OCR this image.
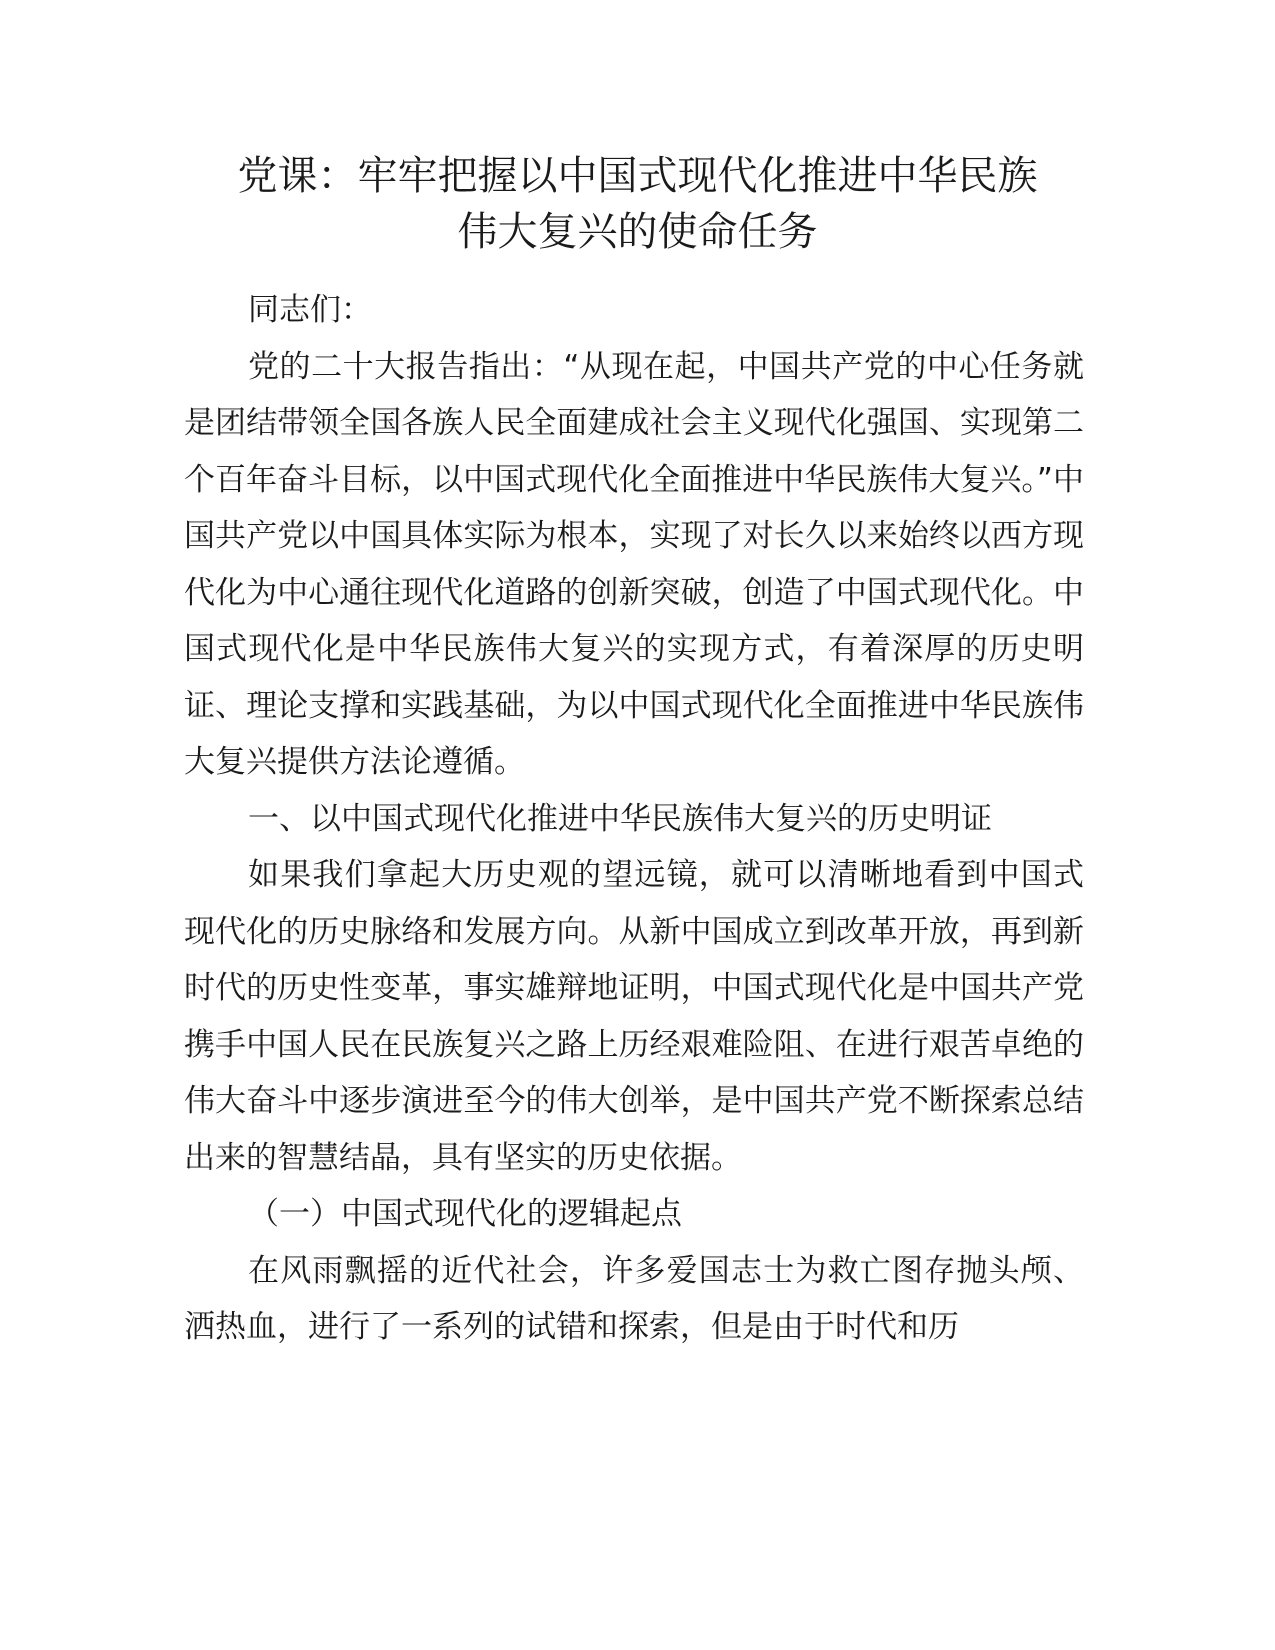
党课：牢牢把握以中国式现代化推进中华民族
伟大复兴的使命任务

同志们：

党的二十大报告指出：“从现在起，中国共产党的中心任务就是团结带领全国各族人民全面建成社会主义现代化强国、实现第二个百年奋斗目标，以中国式现代化全面推进中华民族伟大复兴。”中国共产党以中国具体实际为根本，实现了对长久以来始终以西方现代化为中心通往现代化道路的创新突破，创造了中国式现代化。中国式现代化是中华民族伟大复兴的实现方式，有着深厚的历史明证、理论支撑和实践基础，为以中国式现代化全面推进中华民族伟大复兴提供方法论遵循。

一、以中国式现代化推进中华民族伟大复兴的历史明证

如果我们拿起大历史观的望远镜，就可以清晰地看到中国式现代化的历史脉络和发展方向。从新中国成立到改革开放，再到新时代的历史性变革，事实雄辩地证明，中国式现代化是中国共产党携手中国人民在民族复兴之路上历经艰难险阻、在进行艰苦卓绝的伟大奋斗中逐步演进至今的伟大创举，是中国共产党不断探索总结出来的智慧结晶，具有坚实的历史依据。

（一）中国式现代化的逻辑起点

在风雨飘摇的近代社会，许多爱国志士为救亡图存抛头颅、洒热血，进行了一系列的试错和探索，但是由于时代和历
